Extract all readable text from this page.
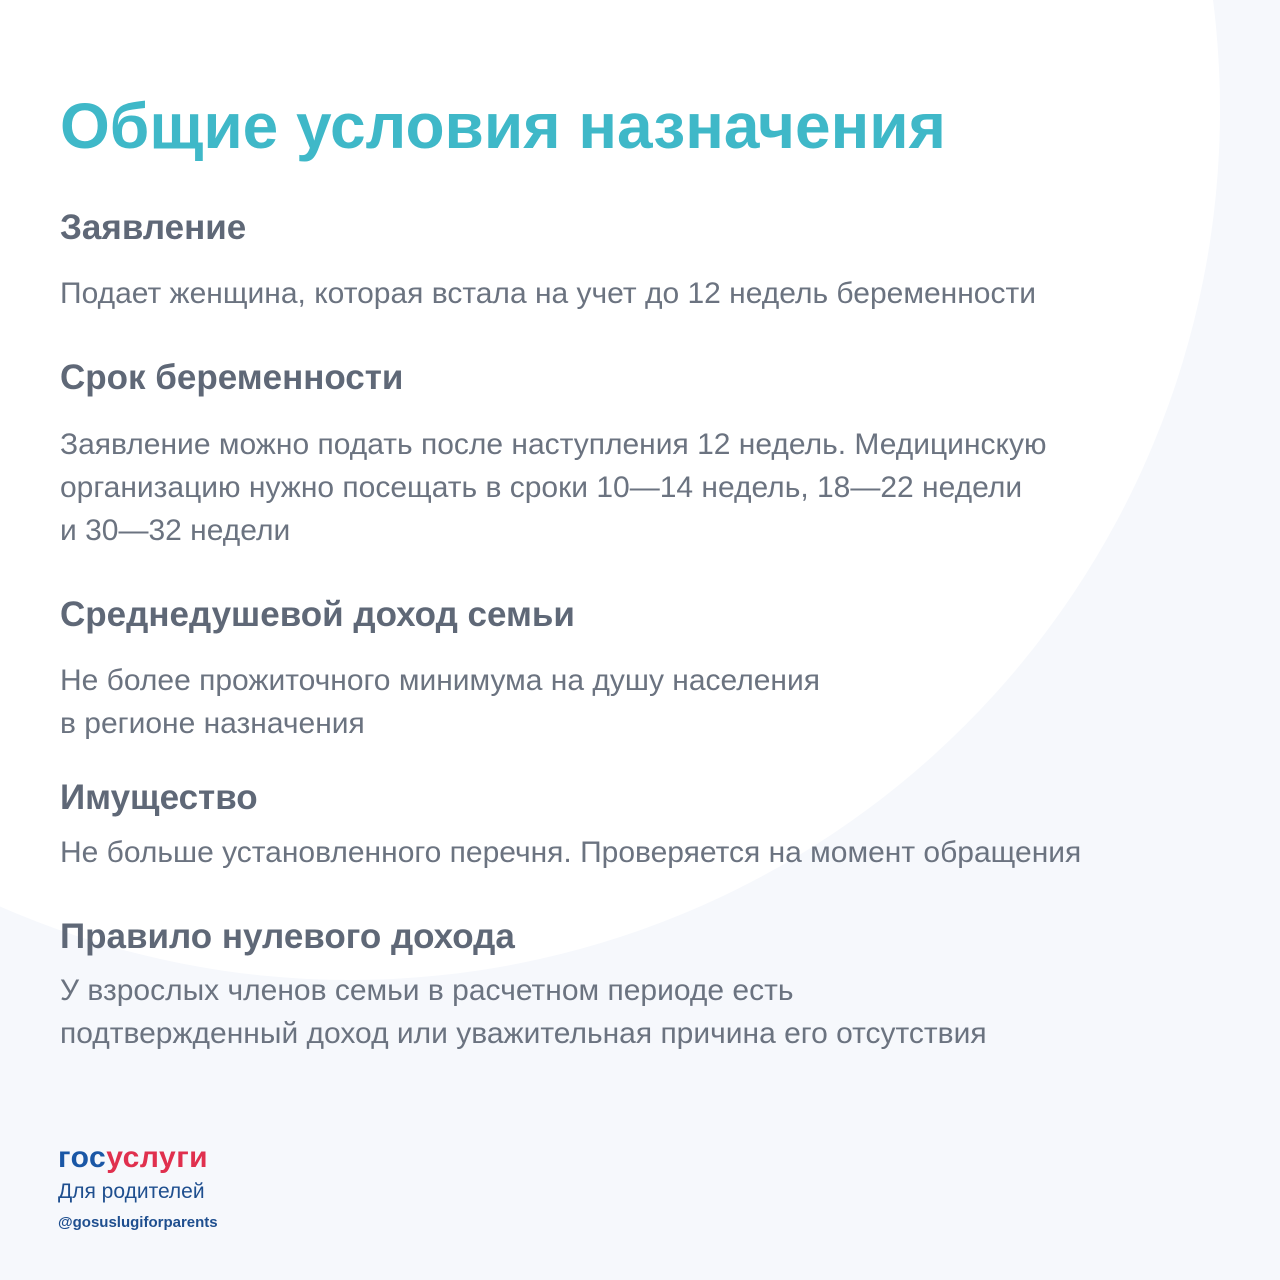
Общие условия назначения
Заявление

Подает женщина, которая встала на учет до 12 недель беременности

Срок беременности

Заявление можно подать после наступления 12 недель. Медицинскую
организацию нужно посещать в сроки 10—14 недель, 18—22 недели
и 30—32 недели

Среднедушевой доход семьи

Не более прожиточного минимума на душу населения
в регионе назначения

Имущество

Не больше установленного перечня. Проверяется на момент обращения

Правило нулевого дохода

У взрослых членов семьи в расчетном периоде есть
подтвержденный доход или уважительная причина его отсутствия

госуслуги
Для родителей
@gosuslugiforparents
